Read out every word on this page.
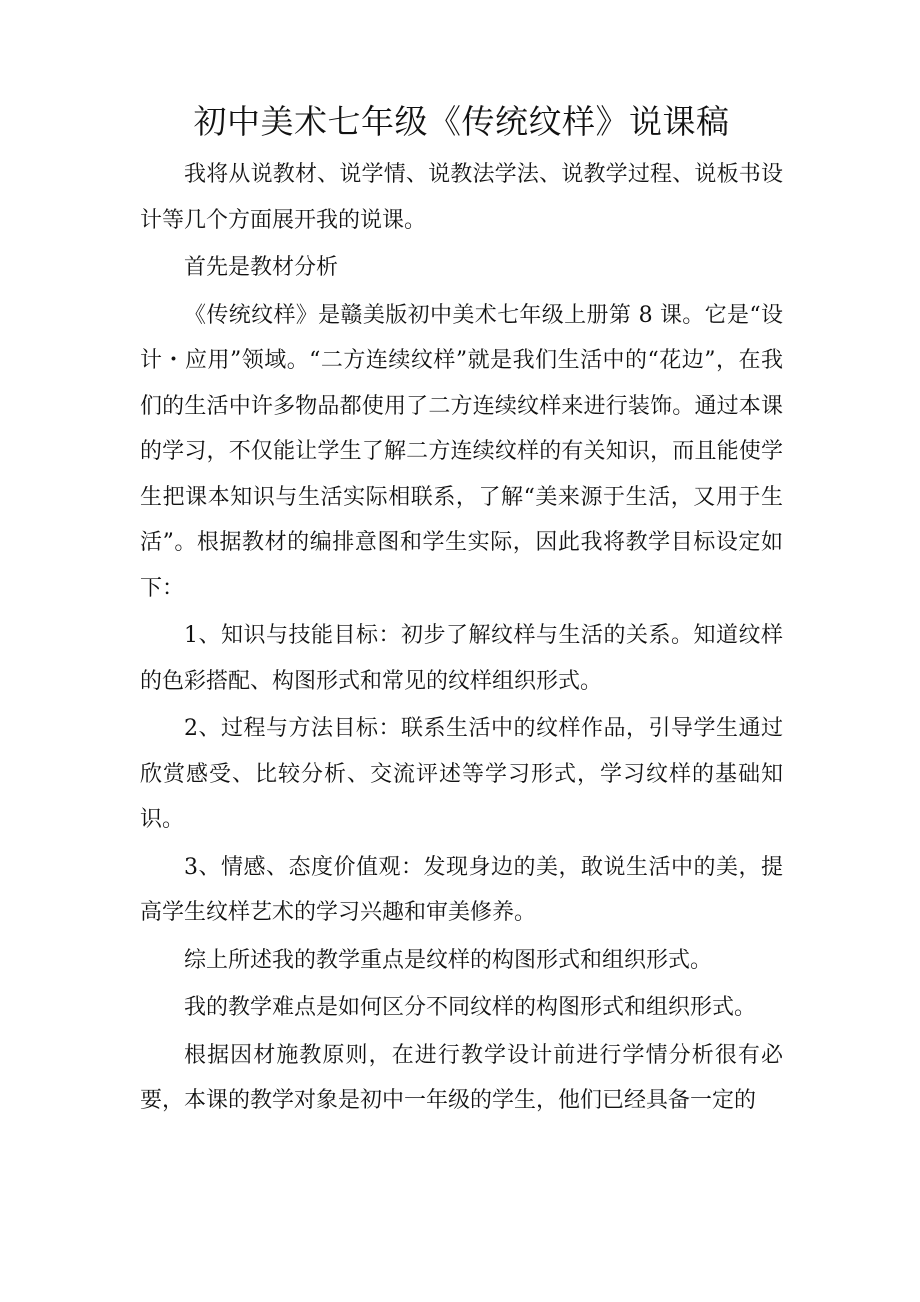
初中美术七年级《传统纹样》说课稿

我将从说教材、说学情、说教法学法、说教学过程、说板书设计等几个方面展开我的说课。

首先是教材分析

《传统纹样》是赣美版初中美术七年级上册第 8 课。它是“设计・应用”领域。“二方连续纹样”就是我们生活中的“花边”，在我们的生活中许多物品都使用了二方连续纹样来进行装饰。通过本课的学习，不仅能让学生了解二方连续纹样的有关知识，而且能使学生把课本知识与生活实际相联系，了解“美来源于生活，又用于生活”。根据教材的编排意图和学生实际，因此我将教学目标设定如下：

1、知识与技能目标：初步了解纹样与生活的关系。知道纹样的色彩搭配、构图形式和常见的纹样组织形式。

2、过程与方法目标：联系生活中的纹样作品，引导学生通过欣赏感受、比较分析、交流评述等学习形式，学习纹样的基础知识。

3、情感、态度价值观：发现身边的美，敢说生活中的美，提高学生纹样艺术的学习兴趣和审美修养。

综上所述我的教学重点是纹样的构图形式和组织形式。

我的教学难点是如何区分不同纹样的构图形式和组织形式。

根据因材施教原则，在进行教学设计前进行学情分析很有必要，本课的教学对象是初中一年级的学生，他们已经具备一定的
